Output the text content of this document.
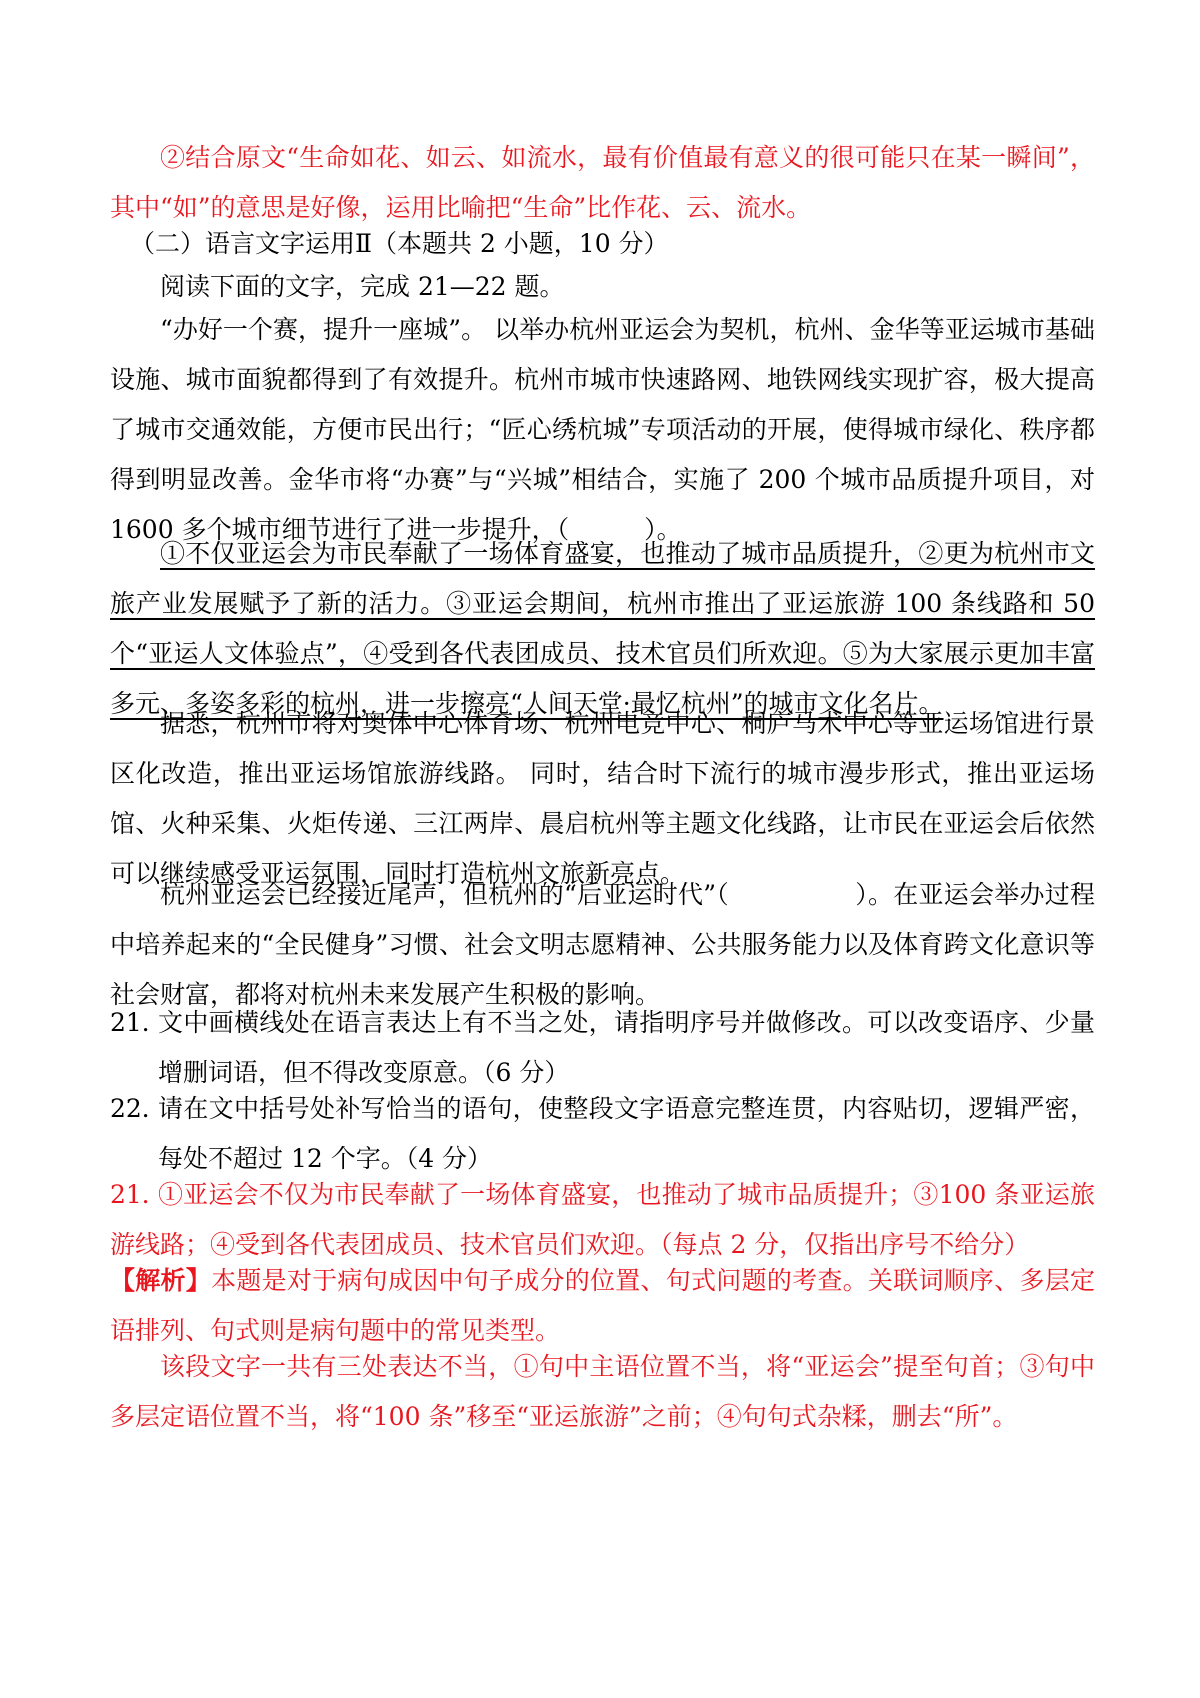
②结合原文“生命如花、如云、如流水，最有价值最有意义的很可能只在某一瞬间”，其中“如”的意思是好像，运用比喻把“生命”比作花、云、流水。

（二）语言文字运用Ⅱ（本题共 2 小题，10 分）

阅读下面的文字，完成 21—22 题。

“办好一个赛，提升一座城”。 以举办杭州亚运会为契机，杭州、金华等亚运城市基础设施、城市面貌都得到了有效提升。杭州市城市快速路网、地铁网线实现扩容，极大提高了城市交通效能，方便市民出行；“匠心绣杭城”专项活动的开展，使得城市绿化、秩序都得到明显改善。金华市将“办赛”与“兴城”相结合，实施了 200 个城市品质提升项目，对 1600 多个城市细节进行了进一步提升，（　　　）。

①不仅亚运会为市民奉献了一场体育盛宴，也推动了城市品质提升，②更为杭州市文旅产业发展赋予了新的活力。③亚运会期间，杭州市推出了亚运旅游 100 条线路和 50 个“亚运人文体验点”，④受到各代表团成员、技术官员们所欢迎。⑤为大家展示更加丰富多元、多姿多彩的杭州，进一步擦亮“人间天堂·最忆杭州”的城市文化名片。

据悉，杭州市将对奥体中心体育场、杭州电竞中心、桐庐马术中心等亚运场馆进行景区化改造，推出亚运场馆旅游线路。 同时，结合时下流行的城市漫步形式，推出亚运场馆、火种采集、火炬传递、三江两岸、晨启杭州等主题文化线路，让市民在亚运会后依然可以继续感受亚运氛围，同时打造杭州文旅新亮点。

杭州亚运会已经接近尾声，但杭州的“后亚运时代”（　　　　　）。在亚运会举办过程中培养起来的“全民健身”习惯、社会文明志愿精神、公共服务能力以及体育跨文化意识等社会财富，都将对杭州未来发展产生积极的影响。

21．
文中画横线处在语言表达上有不当之处，请指明序号并做修改。可以改变语序、少量增删词语，但不得改变原意。（6 分）
22．
请在文中括号处补写恰当的语句，使整段文字语意完整连贯，内容贴切，逻辑严密，每处不超过 12 个字。（4 分）
21．
①亚运会不仅为市民奉献了一场体育盛宴，也推动了城市品质提升；③100 条亚运旅游线路；④受到各代表团成员、技术官员们欢迎。（每点 2 分，仅指出序号不给分）

【解析】本题是对于病句成因中句子成分的位置、句式问题的考查。关联词顺序、多层定语排列、句式则是病句题中的常见类型。

该段文字一共有三处表达不当，①句中主语位置不当，将“亚运会”提至句首；③句中多层定语位置不当，将“100 条”移至“亚运旅游”之前；④句句式杂糅，删去“所”。
